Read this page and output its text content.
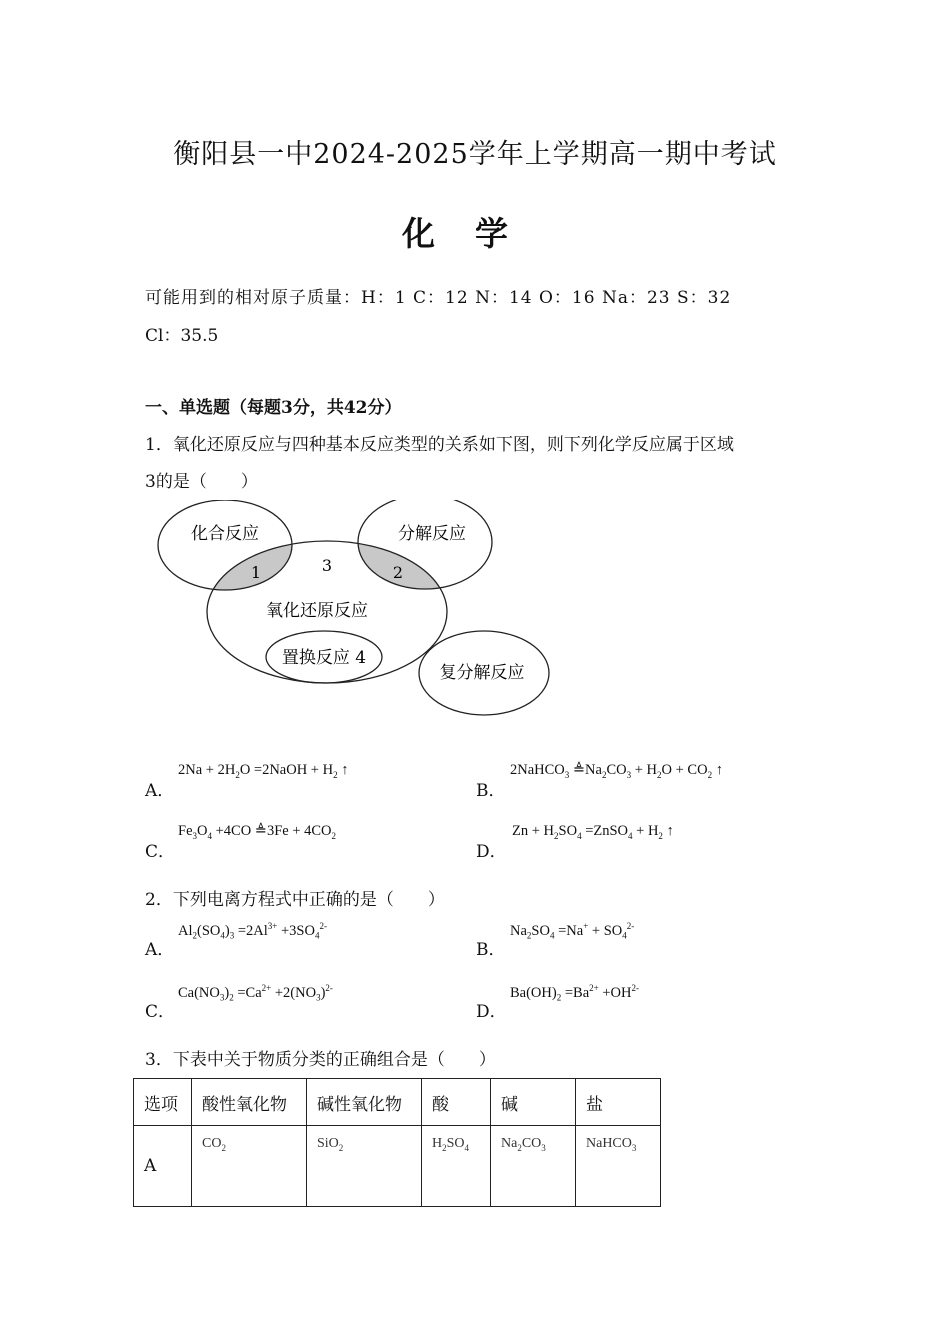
衡阳县一中2024-2025学年上学期高一期中考试
化学
可能用到的相对原子质量：H：1 C：12 N：14 O：16 Na：23 S：32
Cl：35.5
一、单选题（每题3分，共42分）
1．氧化还原反应与四种基本反应类型的关系如下图，则下列化学反应属于区域
3的是（　　）
化合反应	分解反应
1	2
3
氧化还原反应
置换反应 4
复分解反应
A．
$2Na + 2H_2O$ =2NaOH + $H_2$ ↑
B．
2NaHCO$_3$ $≜Na_2CO_3 + H_2O + CO_2$ ↑
C．
$Fe_3O_4 +4CO$ ≜3Fe + $4CO_2$
D．
$Zn + H_2SO_4$ =ZnSO$_4$ + $H_2$ ↑
2．下列电离方程式中正确的是（　　）
A．
$Al_2(SO_4)_3 =2Al^{3+} +3SO_4^{2-}$
B．
$Na_2SO_4 =Na^+ + SO_4^{2-}$
C．
$Ca(NO_3)_2 =Ca^{2+} +2(NO_3)^{2-}$
D．
$Ba(OH)_2 =Ba^{2+} +OH^{2-}$
3．下表中关于物质分类的正确组合是（　　）
选项	酸性氧化物	碱性氧化物	酸	碱	盐
A	$CO_2$	SiO$_2$	$H_2SO_4$	$Na_2CO_3$	NaHCO$_3$
